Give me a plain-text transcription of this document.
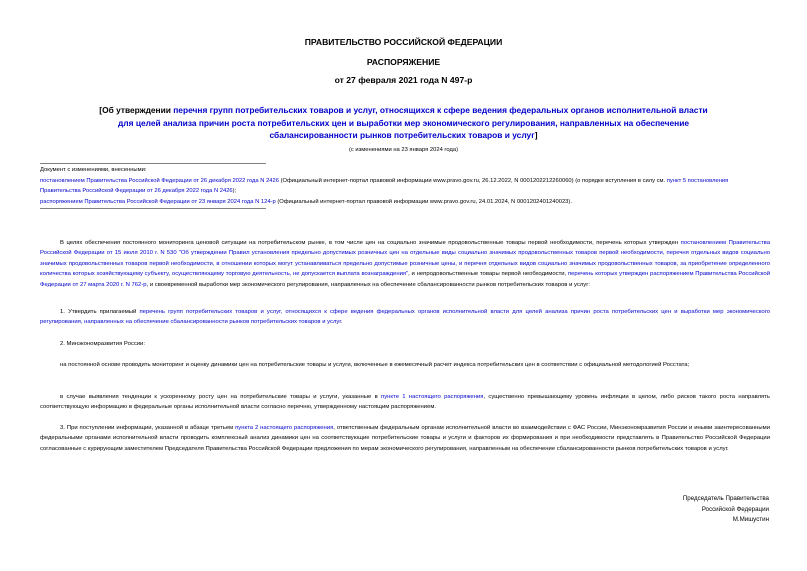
ПРАВИТЕЛЬСТВО РОССИЙСКОЙ ФЕДЕРАЦИИ
РАСПОРЯЖЕНИЕ
от 27 февраля 2021 года N 497-р
[Об утверждении перечня групп потребительских товаров и услуг, относящихся к сфере ведения федеральных органов исполнительной власти для целей анализа причин роста потребительских цен и выработки мер экономического регулирования, направленных на обеспечение сбалансированности рынков потребительских товаров и услуг]
(с изменениями на 23 января 2024 года)
Документ с изменениями, внесенными:
постановлением Правительства Российской Федерации от 26 декабря 2022 года N 2426 (Официальный интернет-портал правовой информации www.pravo.gov.ru, 26.12.2022, N 0001202212260060) (о порядке вступления в силу см. пункт 5 постановления Правительства Российской Федерации от 26 декабря 2022 года N 2426);
распоряжением Правительства Российской Федерации от 23 января 2024 года N 124-р (Официальный интернет-портал правовой информации www.pravo.gov.ru, 24.01.2024, N 0001202401240023).
В целях обеспечения постоянного мониторинга ценовой ситуации на потребительском рынке, в том числе цен на социально значимые продовольственные товары первой необходимости, перечень которых утвержден постановлением Правительства Российской Федерации от 15 июля 2010 г. N 530 "Об утверждении Правил установления предельно допустимых розничных цен на отдельные виды социально значимых продовольственных товаров первой необходимости, перечня отдельных видов социально значимых продовольственных товаров первой необходимости, в отношении которых могут устанавливаться предельно допустимые розничные цены, и перечня отдельных видов социально значимых продовольственных товаров, за приобретение определенного количества которых хозяйствующему субъекту, осуществляющему торговую деятельность, не допускается выплата вознаграждения", и непродовольственные товары первой необходимости, перечень которых утвержден распоряжением Правительства Российской Федерации от 27 марта 2020 г. N 762-р, и своевременной выработки мер экономического регулирования, направленных на обеспечение сбалансированности рынков потребительских товаров и услуг:
1. Утвердить прилагаемый перечень групп потребительских товаров и услуг, относящихся к сфере ведения федеральных органов исполнительной власти для целей анализа причин роста потребительских цен и выработки мер экономического регулирования, направленных на обеспечение сбалансированности рынков потребительских товаров и услуг.
2. Минэкономразвития России:
на постоянной основе проводить мониторинг и оценку динамики цен на потребительские товары и услуги, включенные в ежемесячный расчет индекса потребительских цен в соответствии с официальной методологией Росстата;
в случае выявления тенденции к ускоренному росту цен на потребительские товары и услуги, указанные в пункте 1 настоящего распоряжения, существенно превышающему уровень инфляции в целом, либо рисков такого роста направлять соответствующую информацию в федеральные органы исполнительной власти согласно перечню, утвержденному настоящим распоряжением.
3. При поступлении информации, указанной в абзаце третьем пункта 2 настоящего распоряжения, ответственным федеральным органам исполнительной власти во взаимодействии с ФАС России, Минэкономразвития России и иными заинтересованными федеральными органами исполнительной власти проводить комплексный анализ динамики цен на соответствующие потребительские товары и услуги и факторов их формирования и при необходимости представлять в Правительство Российской Федерации согласованные с курирующим заместителем Председателя Правительства Российской Федерации предложения по мерам экономического регулирования, направленным на обеспечение сбалансированности рынков потребительских товаров и услуг.
Председатель Правительства
Российской Федерации
М.Мишустин
